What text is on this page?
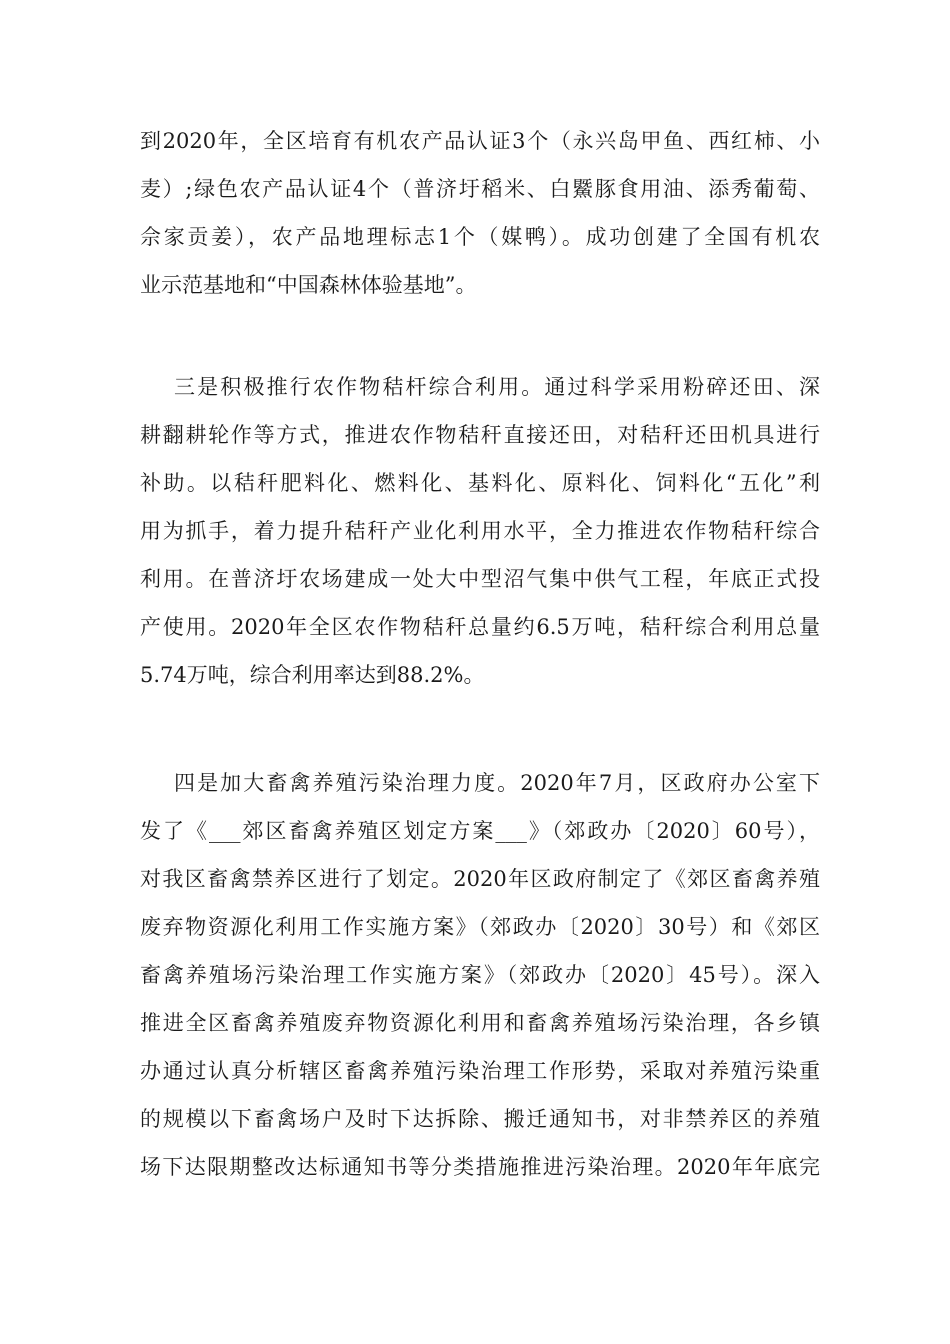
到2020年，全区培育有机农产品认证3个（永兴岛甲鱼、西红柿、小
麦）;绿色农产品认证4个（普济圩稻米、白鱀豚食用油、添秀葡萄、
佘家贡姜），农产品地理标志1个（媒鸭）。成功创建了全国有机农
业示范基地和“中国森林体验基地”。
三是积极推行农作物秸杆综合利用。通过科学采用粉碎还田、深
耕翻耕轮作等方式，推进农作物秸秆直接还田，对秸秆还田机具进行
补助。以秸秆肥料化、燃料化、基料化、原料化、饲料化“五化”利
用为抓手，着力提升秸秆产业化利用水平，全力推进农作物秸秆综合
利用。在普济圩农场建成一处大中型沼气集中供气工程，年底正式投
产使用。2020年全区农作物秸秆总量约6.5万吨，秸秆综合利用总量
5.74万吨，综合利用率达到88.2%。
四是加大畜禽养殖污染治理力度。2020年7月，区政府办公室下
发了《___郊区畜禽养殖区划定方案___》（郊政办〔2020〕60号），
对我区畜禽禁养区进行了划定。2020年区政府制定了《郊区畜禽养殖
废弃物资源化利用工作实施方案》（郊政办〔2020〕30号）和《郊区
畜禽养殖场污染治理工作实施方案》（郊政办〔2020〕45号）。深入
推进全区畜禽养殖废弃物资源化利用和畜禽养殖场污染治理，各乡镇
办通过认真分析辖区畜禽养殖污染治理工作形势，采取对养殖污染重
的规模以下畜禽场户及时下达拆除、搬迁通知书，对非禁养区的养殖
场下达限期整改达标通知书等分类措施推进污染治理。2020年年底完
